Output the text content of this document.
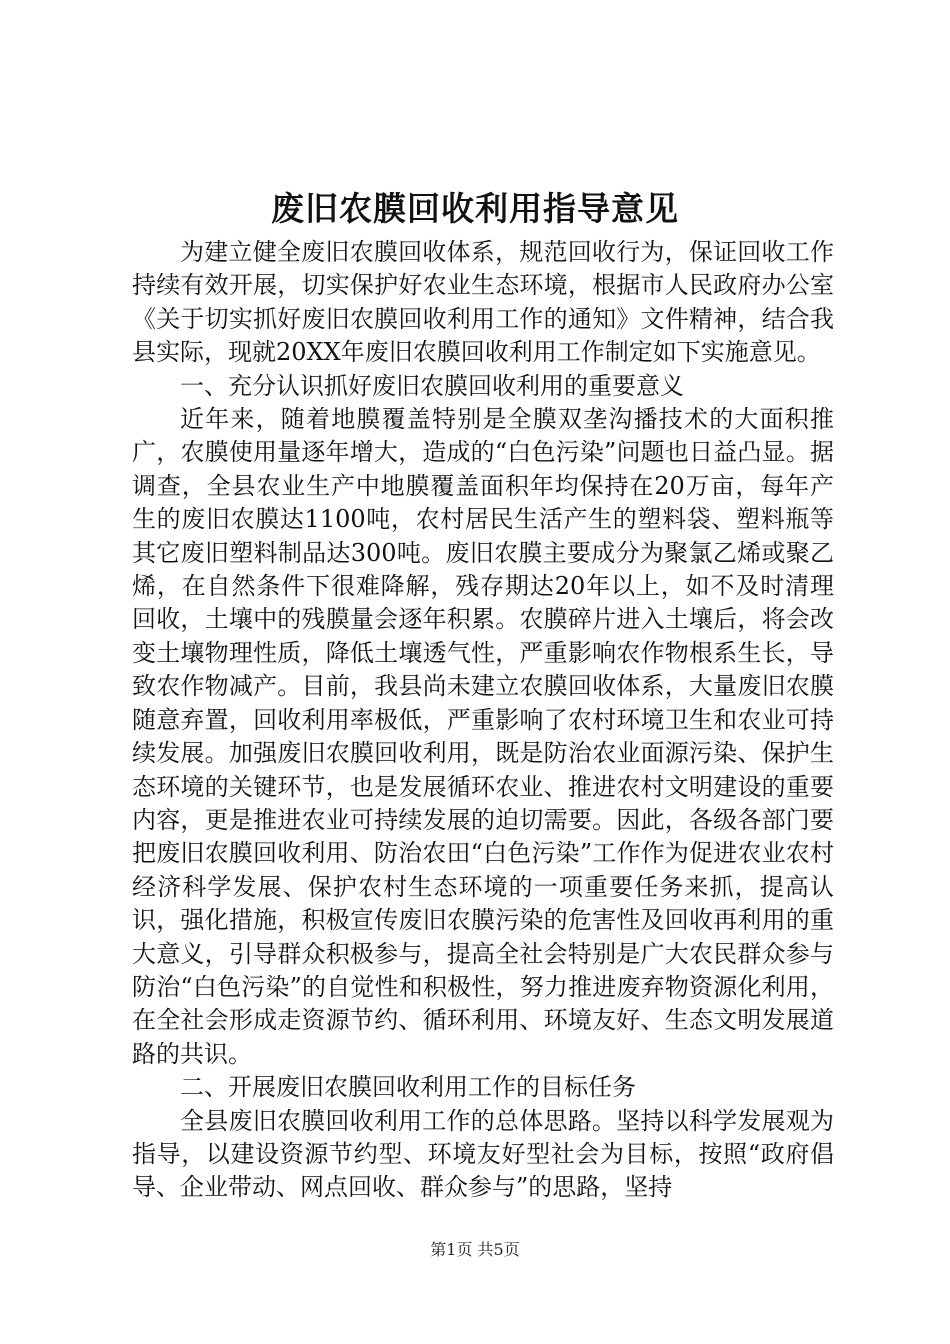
废旧农膜回收利用指导意见

为建立健全废旧农膜回收体系，规范回收行为，保证回收工作持续有效开展，切实保护好农业生态环境，根据市人民政府办公室《关于切实抓好废旧农膜回收利用工作的通知》文件精神，结合我县实际，现就20XX年废旧农膜回收利用工作制定如下实施意见。

一、充分认识抓好废旧农膜回收利用的重要意义

近年来，随着地膜覆盖特别是全膜双垄沟播技术的大面积推广，农膜使用量逐年增大，造成的“白色污染”问题也日益凸显。据调查，全县农业生产中地膜覆盖面积年均保持在20万亩，每年产生的废旧农膜达1100吨，农村居民生活产生的塑料袋、塑料瓶等其它废旧塑料制品达300吨。废旧农膜主要成分为聚氯乙烯或聚乙烯，在自然条件下很难降解，残存期达20年以上，如不及时清理回收，土壤中的残膜量会逐年积累。农膜碎片进入土壤后，将会改变土壤物理性质，降低土壤透气性，严重影响农作物根系生长，导致农作物减产。目前，我县尚未建立农膜回收体系，大量废旧农膜随意弃置，回收利用率极低，严重影响了农村环境卫生和农业可持续发展。加强废旧农膜回收利用，既是防治农业面源污染、保护生态环境的关键环节，也是发展循环农业、推进农村文明建设的重要内容，更是推进农业可持续发展的迫切需要。因此，各级各部门要把废旧农膜回收利用、防治农田“白色污染”工作作为促进农业农村经济科学发展、保护农村生态环境的一项重要任务来抓，提高认识，强化措施，积极宣传废旧农膜污染的危害性及回收再利用的重大意义，引导群众积极参与，提高全社会特别是广大农民群众参与防治“白色污染”的自觉性和积极性，努力推进废弃物资源化利用，在全社会形成走资源节约、循环利用、环境友好、生态文明发展道路的共识。

二、开展废旧农膜回收利用工作的目标任务

全县废旧农膜回收利用工作的总体思路。坚持以科学发展观为指导，以建设资源节约型、环境友好型社会为目标，按照“政府倡导、企业带动、网点回收、群众参与”的思路，坚持

第1页 共5页
